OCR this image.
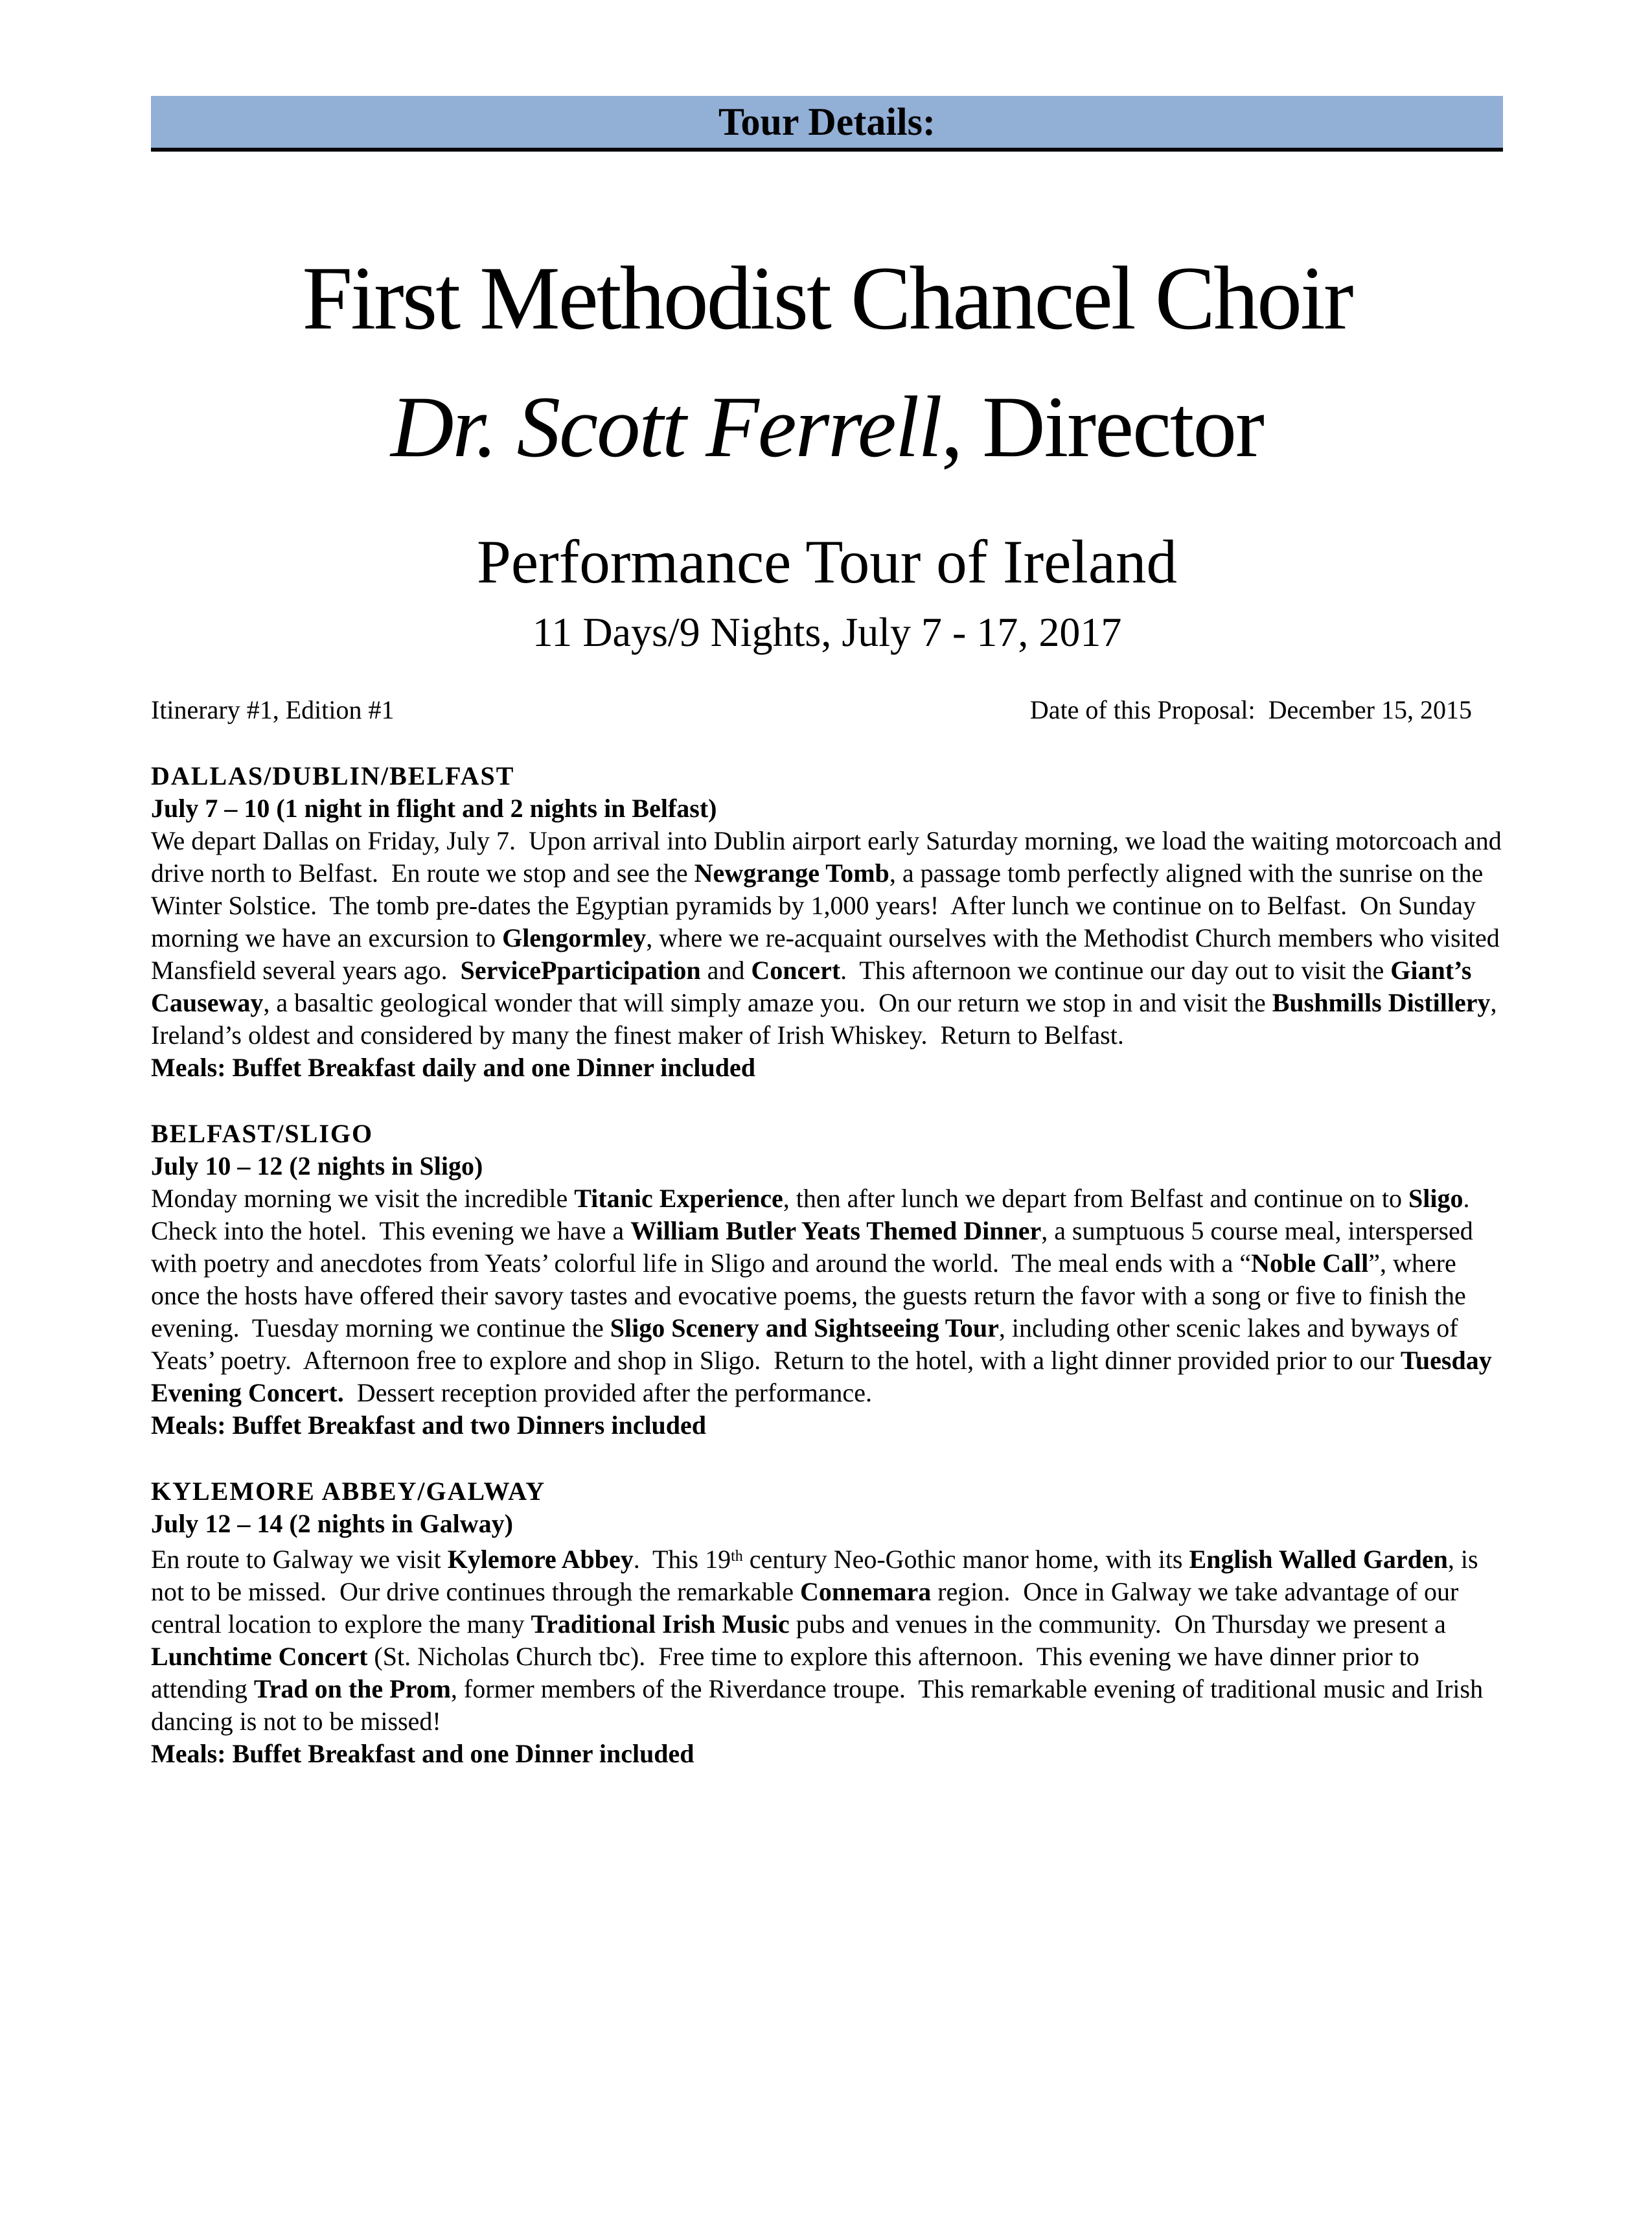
Tour Details:
First Methodist Chancel Choir
Dr. Scott Ferrell, Director
Performance Tour of Ireland
11 Days/9 Nights, July 7 - 17, 2017
Itinerary #1, Edition #1	Date of this Proposal:  December 15, 2015
DALLAS/DUBLIN/BELFAST
July 7 – 10 (1 night in flight and 2 nights in Belfast)
We depart Dallas on Friday, July 7.  Upon arrival into Dublin airport early Saturday morning, we load the waiting motorcoach and drive north to Belfast.  En route we stop and see the Newgrange Tomb, a passage tomb perfectly aligned with the sunrise on the Winter Solstice.  The tomb pre-dates the Egyptian pyramids by 1,000 years!  After lunch we continue on to Belfast.  On Sunday morning we have an excursion to Glengormley, where we re-acquaint ourselves with the Methodist Church members who visited Mansfield several years ago.  ServicePparticipation and Concert.  This afternoon we continue our day out to visit the Giant’s Causeway, a basaltic geological wonder that will simply amaze you.  On our return we stop in and visit the Bushmills Distillery, Ireland’s oldest and considered by many the finest maker of Irish Whiskey.  Return to Belfast.
Meals: Buffet Breakfast daily and one Dinner included
BELFAST/SLIGO
July 10 – 12 (2 nights in Sligo)
Monday morning we visit the incredible Titanic Experience, then after lunch we depart from Belfast and continue on to Sligo. Check into the hotel.  This evening we have a William Butler Yeats Themed Dinner, a sumptuous 5 course meal, interspersed with poetry and anecdotes from Yeats’ colorful life in Sligo and around the world.  The meal ends with a “Noble Call”, where once the hosts have offered their savory tastes and evocative poems, the guests return the favor with a song or five to finish the evening.  Tuesday morning we continue the Sligo Scenery and Sightseeing Tour, including other scenic lakes and byways of Yeats’ poetry.  Afternoon free to explore and shop in Sligo.  Return to the hotel, with a light dinner provided prior to our Tuesday Evening Concert.  Dessert reception provided after the performance.
Meals: Buffet Breakfast and two Dinners included
KYLEMORE ABBEY/GALWAY
July 12 – 14 (2 nights in Galway)
En route to Galway we visit Kylemore Abbey.  This 19th century Neo-Gothic manor home, with its English Walled Garden, is not to be missed.  Our drive continues through the remarkable Connemara region.  Once in Galway we take advantage of our central location to explore the many Traditional Irish Music pubs and venues in the community.  On Thursday we present a Lunchtime Concert (St. Nicholas Church tbc).  Free time to explore this afternoon.  This evening we have dinner prior to attending Trad on the Prom, former members of the Riverdance troupe.  This remarkable evening of traditional music and Irish dancing is not to be missed!
Meals: Buffet Breakfast and one Dinner included
